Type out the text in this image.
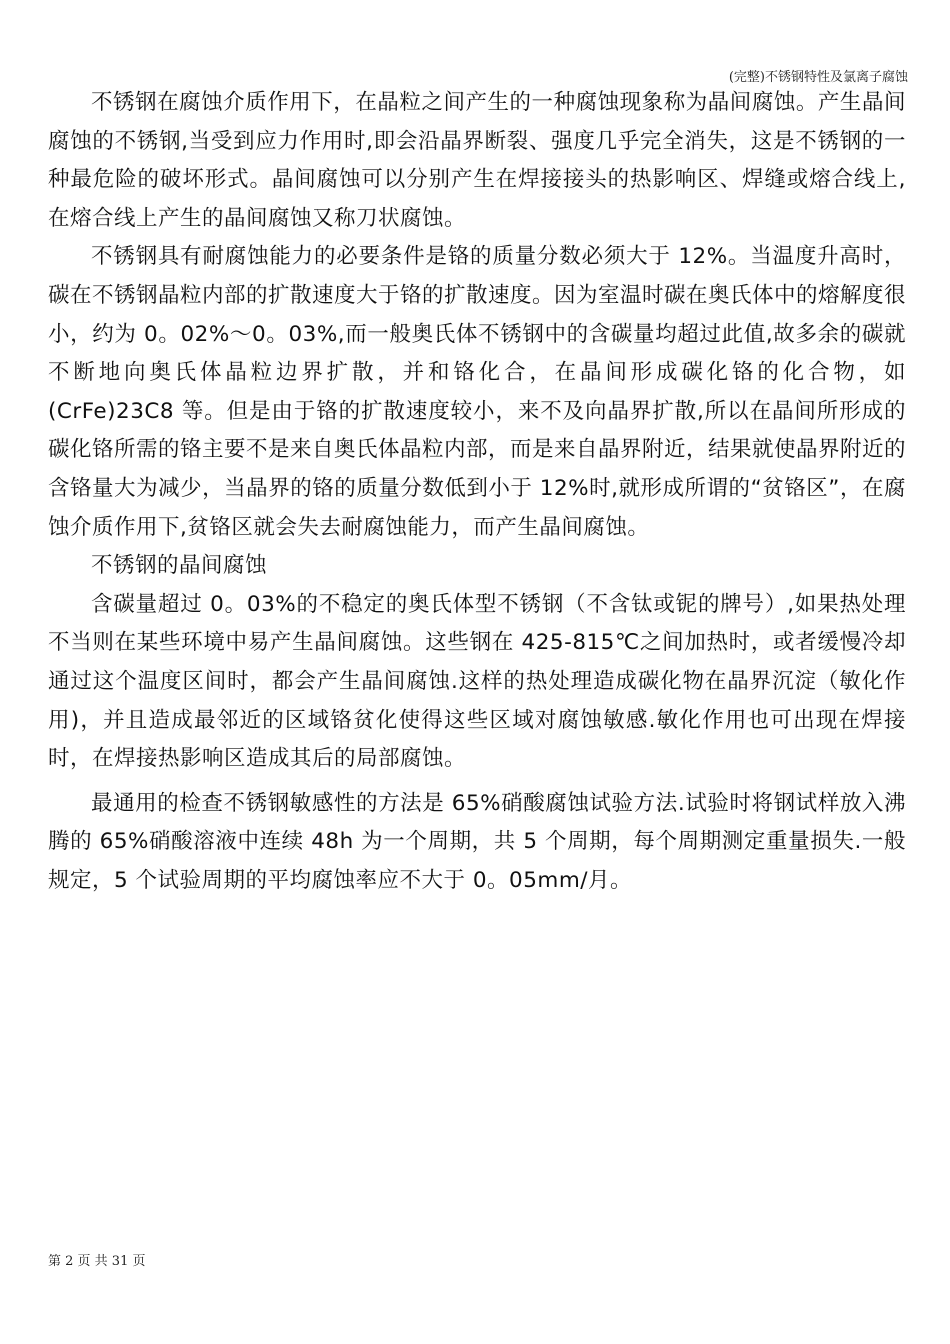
(完整)不锈钢特性及氯离子腐蚀

不锈钢在腐蚀介质作用下，在晶粒之间产生的一种腐蚀现象称为晶间腐蚀。产生晶间腐蚀的不锈钢,当受到应力作用时,即会沿晶界断裂、强度几乎完全消失，这是不锈钢的一种最危险的破坏形式。晶间腐蚀可以分别产生在焊接接头的热影响区、焊缝或熔合线上,在熔合线上产生的晶间腐蚀又称刀状腐蚀。

不锈钢具有耐腐蚀能力的必要条件是铬的质量分数必须大于 12%。当温度升高时，碳在不锈钢晶粒内部的扩散速度大于铬的扩散速度。因为室温时碳在奥氏体中的熔解度很小，约为 0。02%～0。03%,而一般奥氏体不锈钢中的含碳量均超过此值,故多余的碳就不断地向奥氏体晶粒边界扩散，并和铬化合，在晶间形成碳化铬的化合物，如(CrFe)23C8 等。但是由于铬的扩散速度较小，来不及向晶界扩散,所以在晶间所形成的碳化铬所需的铬主要不是来自奥氏体晶粒内部，而是来自晶界附近，结果就使晶界附近的含铬量大为减少，当晶界的铬的质量分数低到小于 12%时,就形成所谓的“贫铬区”，在腐蚀介质作用下,贫铬区就会失去耐腐蚀能力，而产生晶间腐蚀。

不锈钢的晶间腐蚀

含碳量超过 0。03%的不稳定的奥氏体型不锈钢（不含钛或铌的牌号）,如果热处理不当则在某些环境中易产生晶间腐蚀。这些钢在 425-815℃之间加热时，或者缓慢冷却通过这个温度区间时，都会产生晶间腐蚀.这样的热处理造成碳化物在晶界沉淀（敏化作用)，并且造成最邻近的区域铬贫化使得这些区域对腐蚀敏感.敏化作用也可出现在焊接时，在焊接热影响区造成其后的局部腐蚀。

最通用的检查不锈钢敏感性的方法是 65%硝酸腐蚀试验方法.试验时将钢试样放入沸腾的 65%硝酸溶液中连续 48h 为一个周期，共 5 个周期，每个周期测定重量损失.一般规定，5 个试验周期的平均腐蚀率应不大于 0。05mm/月。

第 2 页 共 31 页
